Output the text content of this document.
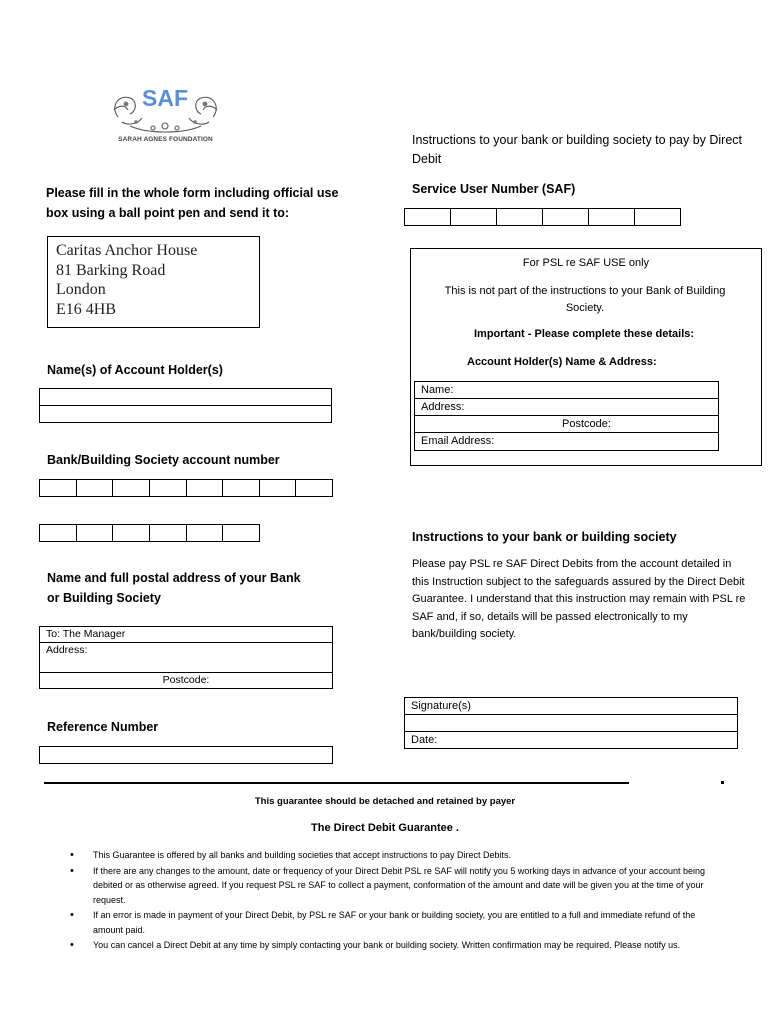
SAF
SARAH AGNES FOUNDATION	Instructions to your bank or building society to pay by Direct Debit
Please fill in the whole form including official use box using a ball point pen and send it to:
Caritas Anchor House
81 Barking Road
London
E16 4HB
Name(s) of Account Holder(s)
Bank/Building Society account number
Name and full postal address of your Bank or Building Society
To: The Manager
Address:
Postcode:
Reference Number
Service User Number (SAF)
For PSL re SAF USE only
This is not part of the instructions to your Bank of Building Society.
Important - Please complete these details:
Account Holder(s) Name & Address:
Name:
Address:
Postcode:
Email Address:
Instructions to your bank or building society
Please pay PSL re SAF Direct Debits from the account detailed in this Instruction subject to the safeguards assured by the Direct Debit Guarantee. I understand that this instruction may remain with PSL re SAF and, if so, details will be passed electronically to my bank/building society.
Signature(s)
Date:
This guarantee should be detached and retained by payer
The Direct Debit Guarantee .
• This Guarantee is offered by all banks and building societies that accept instructions to pay Direct Debits.
• If there are any changes to the amount, date or frequency of your Direct Debit PSL re SAF will notify you 5 working days in advance of your account being debited or as otherwise agreed. If you request PSL re SAF to collect a payment, conformation of the amount and date will be given you at the time of your request.
• If an error is made in payment of your Direct Debit, by PSL re SAF or your bank or building society, you are entitled to a full and immediate refund of the amount paid.
• You can cancel a Direct Debit at any time by simply contacting your bank or building society. Written confirmation may be required. Please notify us.
